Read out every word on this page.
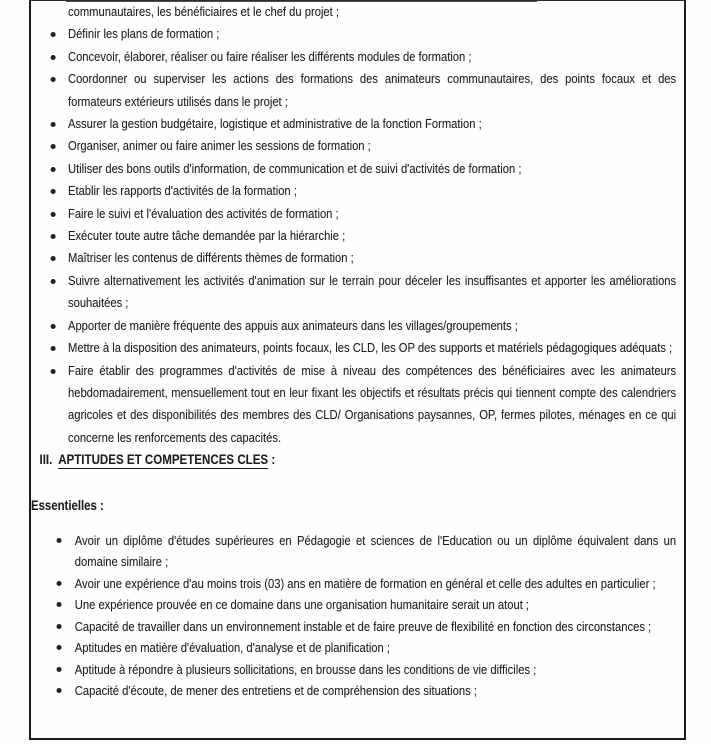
communautaires, les bénéficiaires et le chef du projet ;
Définir les plans de formation ;
Concevoir, élaborer, réaliser ou faire réaliser les différents modules de formation ;
Coordonner ou superviser les actions des formations des animateurs communautaires, des points focaux et des formateurs extérieurs utilisés dans le projet ;
Assurer la gestion budgétaire, logistique et administrative de la fonction Formation ;
Organiser, animer ou faire animer les sessions de formation ;
Utiliser des bons outils d'information, de communication et de suivi d'activités de formation ;
Etablir les rapports d'activités de la formation ;
Faire le suivi et l'évaluation des activités de formation ;
Exécuter toute autre tâche demandée par la hiérarchie ;
Maîtriser les contenus de différents thèmes de formation ;
Suivre alternativement les activités d'animation sur le terrain pour déceler les insuffisantes et apporter les améliorations souhaitées ;
Apporter de manière fréquente des appuis aux animateurs dans les villages/groupements ;
Mettre à la disposition des animateurs, points focaux, les CLD, les OP des supports et matériels pédagogiques adéquats ;
Faire établir des programmes d'activités de mise à niveau des compétences des bénéficiaires avec les animateurs hebdomadairement, mensuellement tout en leur fixant les objectifs et résultats précis qui tiennent compte des calendriers agricoles et des disponibilités des membres des CLD/ Organisations paysannes, OP, fermes pilotes, ménages en ce qui concerne les renforcements des capacités.
III. APTITUDES ET COMPETENCES CLES :
Essentielles :
Avoir un diplôme d'études supérieures en Pédagogie et sciences de l'Education ou un diplôme équivalent dans un domaine similaire ;
Avoir une expérience d'au moins trois (03) ans en matière de formation en général et celle des adultes en particulier ;
Une expérience prouvée en ce domaine dans une organisation humanitaire serait un atout ;
Capacité de travailler dans un environnement instable et de faire preuve de flexibilité en fonction des circonstances ;
Aptitudes en matière d'évaluation, d'analyse et de planification ;
Aptitude à répondre à plusieurs sollicitations, en brousse dans les conditions de vie difficiles ;
Capacité d'écoute, de mener des entretiens et de compréhension des situations ;
